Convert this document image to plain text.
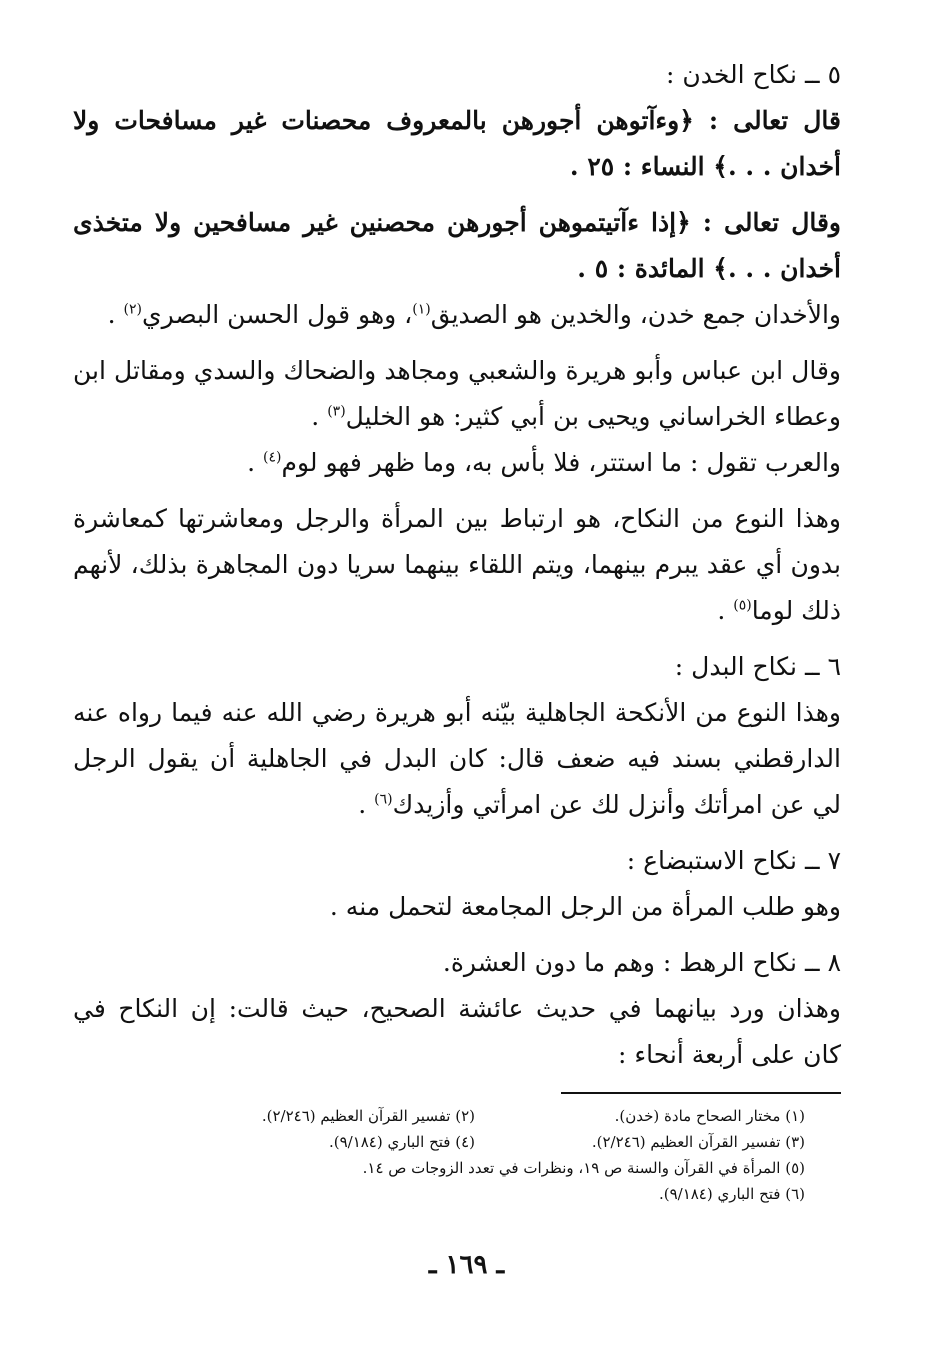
٥ ــ نكاح الخدن :
قال تعالى : ﴿وءآتوهن أجورهن بالمعروف محصنات غير مسافحات ولا
أخدان . . .﴾ النساء : ٢٥ .
وقال تعالى : ﴿إذا ءآتيتموهن أجورهن محصنين غير مسافحين ولا متخذى
أخدان . . .﴾ المائدة : ٥ .
والأخدان جمع خدن، والخدين هو الصديق$^{(١)}$، وهو قول الحسن البصري$^{(٢)}$ .
وقال ابن عباس وأبو هريرة والشعبي ومجاهد والضحاك والسدي ومقاتل ابن
وعطاء الخراساني ويحيى بن أبي كثير: هو الخليل$^{(٣)}$ .
والعرب تقول : ما استتر، فلا بأس به، وما ظهر فهو لوم$^{(٤)}$ .
وهذا النوع من النكاح، هو ارتباط بين المرأة والرجل ومعاشرتها كمعاشرة
بدون أي عقد يبرم بينهما، ويتم اللقاء بينهما سريا دون المجاهرة بذلك، لأنهم
ذلك لوما$^{(٥)}$ .
٦ ــ نكاح البدل :
وهذا النوع من الأنكحة الجاهلية بيّنه أبو هريرة رضي الله عنه فيما رواه عنه
الدارقطني بسند فيه ضعف قال: كان البدل في الجاهلية أن يقول الرجل
لي عن امرأتك وأنزل لك عن امرأتي وأزيدك$^{(٦)}$ .
٧ ــ نكاح الاستبضاع :
وهو طلب المرأة من الرجل المجامعة لتحمل منه .
٨ ــ نكاح الرهط : وهم ما دون العشرة.
وهذان ورد بيانهما في حديث عائشة الصحيح، حيث قالت: إن النكاح في
كان على أربعة أنحاء :
(١) مختار الصحاح مادة (خدن).
(٢) تفسير القرآن العظيم (٢/٢٤٦).
(٣) تفسير القرآن العظيم (٢/٢٤٦).
(٤) فتح الباري (٩/١٨٤).
(٥) المرأة في القرآن والسنة ص ١٩، ونظرات في تعدد الزوجات ص ١٤.
(٦) فتح الباري (٩/١٨٤).
ـ ١٦٩ ـ
